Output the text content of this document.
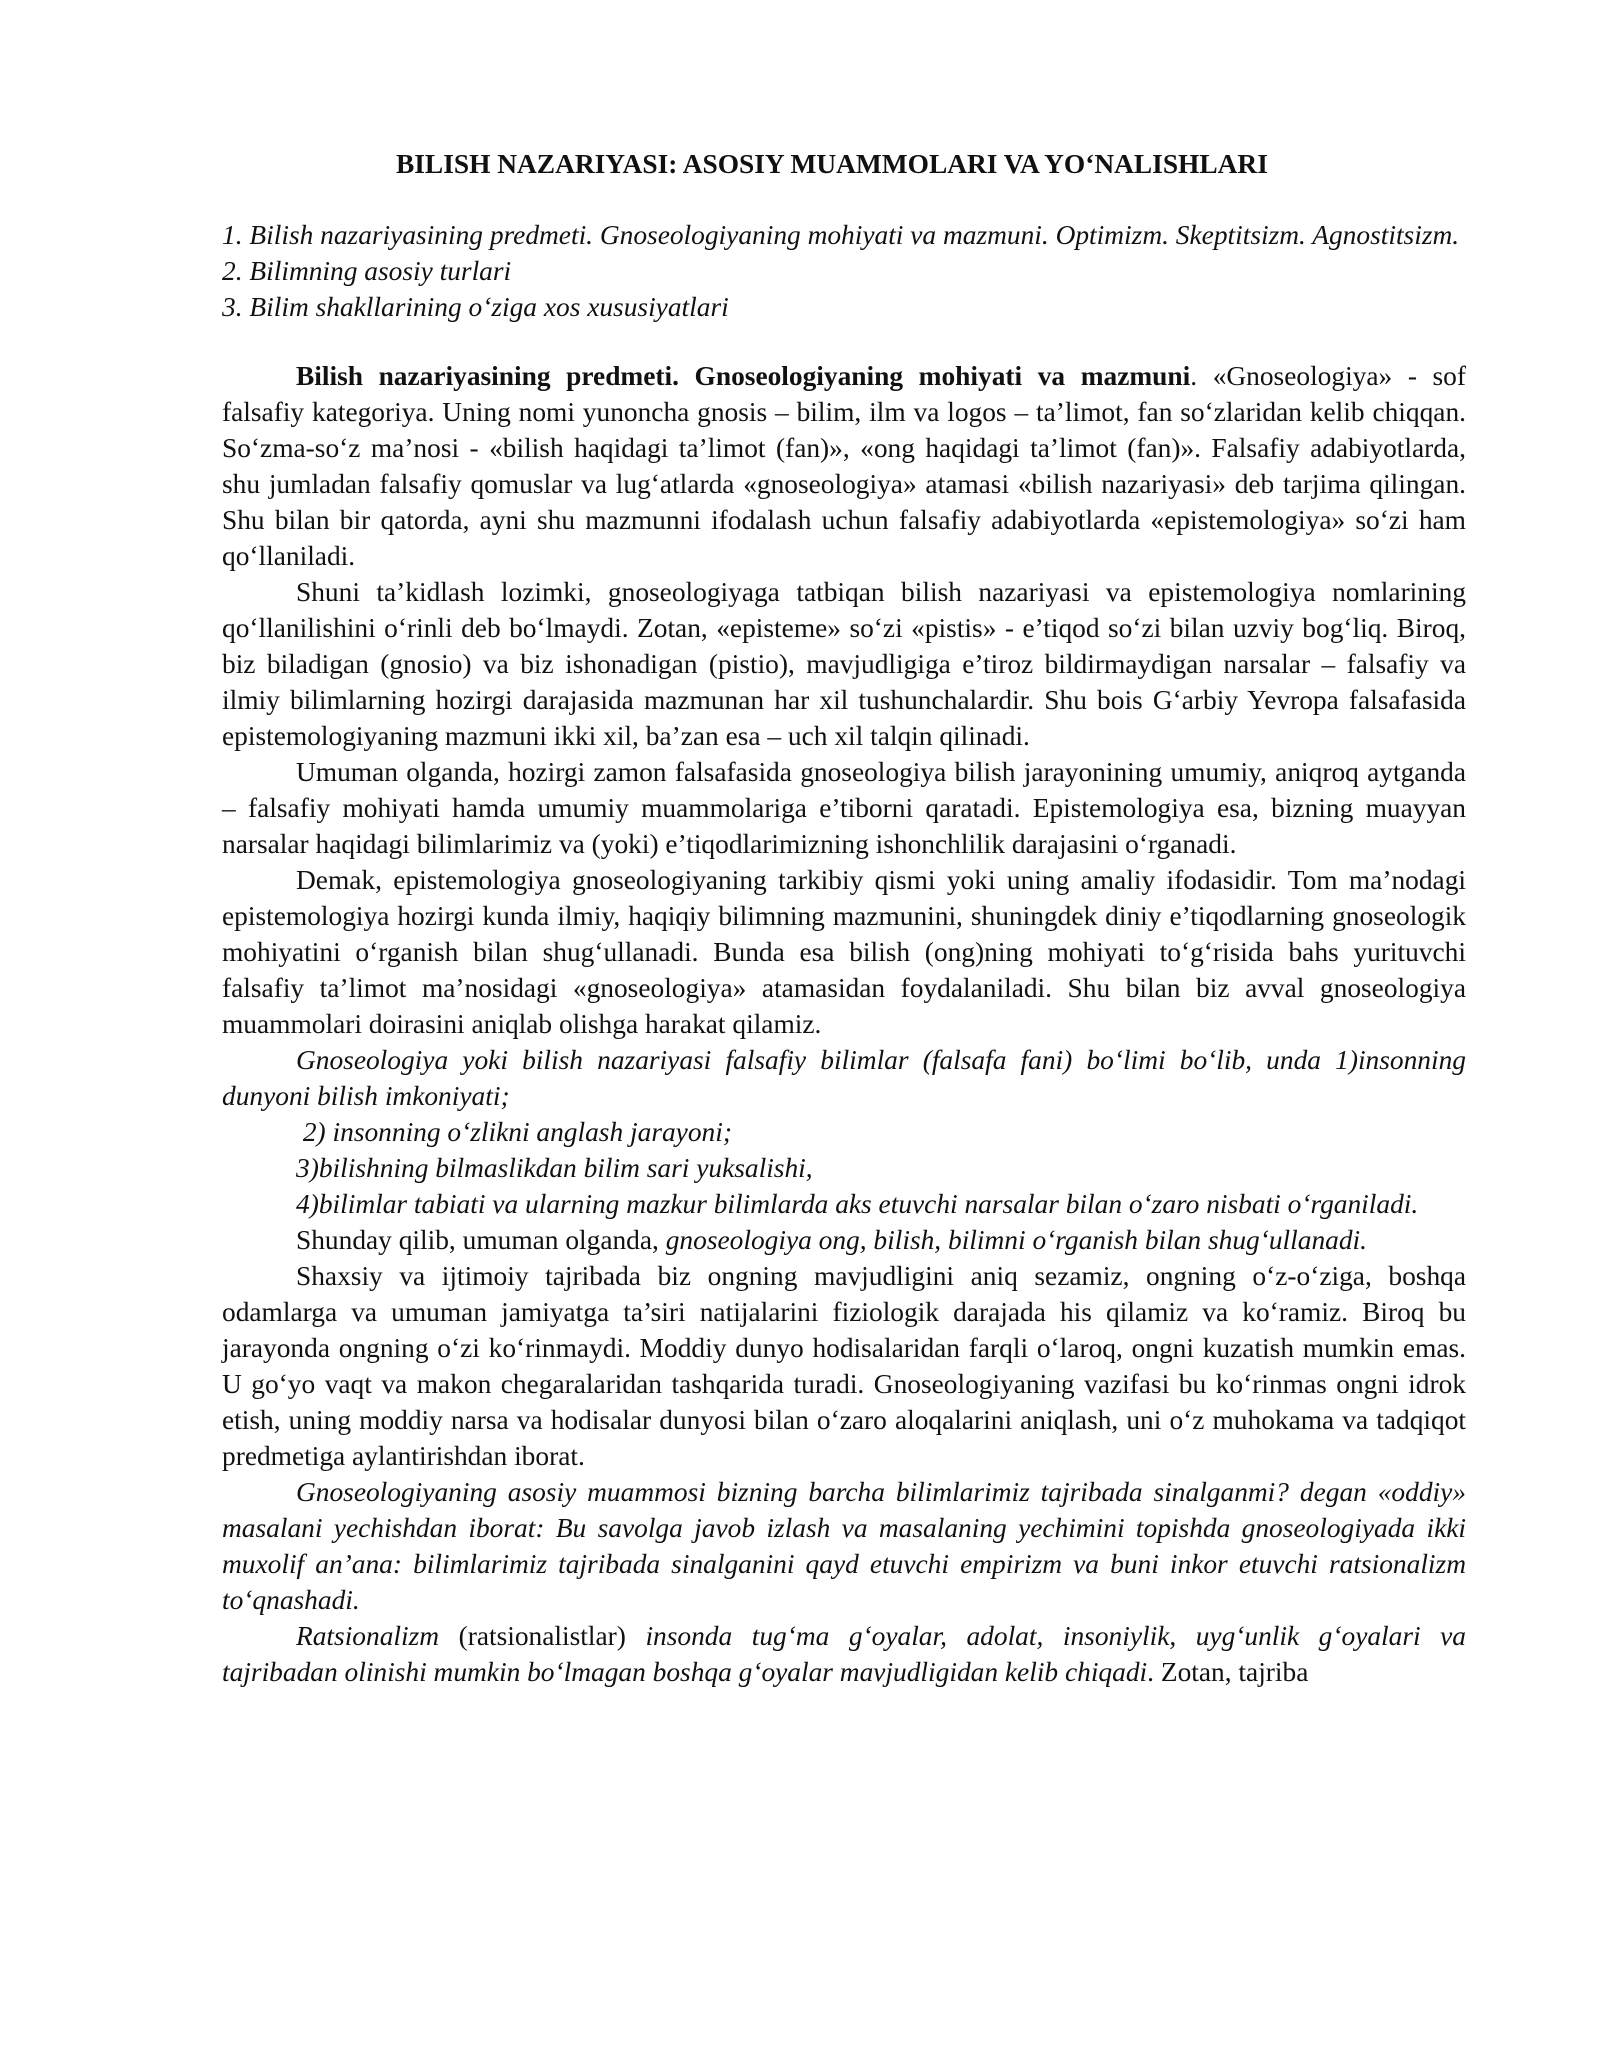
BILISH NAZARIYASI: ASOSIY MUAMMOLARI VA YO‘NALISHLARI
1. Bilish nazariyasining predmeti. Gnoseologiyaning mohiyati va mazmuni. Optimizm. Skeptitsizm. Agnostitsizm.
2. Bilimning asosiy turlari
3. Bilim shakllarining o‘ziga xos xususiyatlari

Bilish nazariyasining predmeti. Gnoseologiyaning mohiyati va mazmuni. «Gnoseologiya» - sof falsafiy kategoriya. Uning nomi yunoncha gnosis – bilim, ilm va logos – ta’limot, fan so‘zlaridan kelib chiqqan. So‘zma-so‘z ma’nosi - «bilish haqidagi ta’limot (fan)», «ong haqidagi ta’limot (fan)». Falsafiy adabiyotlarda, shu jumladan falsafiy qomuslar va lug‘atlarda «gnoseologiya» atamasi «bilish nazariyasi» deb tarjima qilingan. Shu bilan bir qatorda, ayni shu mazmunni ifodalash uchun falsafiy adabiyotlarda «epistemologiya» so‘zi ham qo‘llaniladi.

Shuni ta’kidlash lozimki, gnoseologiyaga tatbiqan bilish nazariyasi va epistemologiya nomlarining qo‘llanilishini o‘rinli deb bo‘lmaydi. Zotan, «episteme» so‘zi «pistis» - e’tiqod so‘zi bilan uzviy bog‘liq. Biroq, biz biladigan (gnosio) va biz ishonadigan (pistio), mavjudligiga e’tiroz bildirmaydigan narsalar – falsafiy va ilmiy bilimlarning hozirgi darajasida mazmunan har xil tushunchalardir. Shu bois G‘arbiy Yevropa falsafasida epistemologiyaning mazmuni ikki xil, ba’zan esa – uch xil talqin qilinadi.

Umuman olganda, hozirgi zamon falsafasida gnoseologiya bilish jarayonining umumiy, aniqroq aytganda – falsafiy mohiyati hamda umumiy muammolariga e’tiborni qaratadi. Epistemologiya esa, bizning muayyan narsalar haqidagi bilimlarimiz va (yoki) e’tiqodlarimizning ishonchlilik darajasini o‘rganadi.

Demak, epistemologiya gnoseologiyaning tarkibiy qismi yoki uning amaliy ifodasidir. Tom ma’nodagi epistemologiya hozirgi kunda ilmiy, haqiqiy bilimning mazmunini, shuningdek diniy e’tiqodlarning gnoseologik mohiyatini o‘rganish bilan shug‘ullanadi. Bunda esa bilish (ong)ning mohiyati to‘g‘risida bahs yurituvchi falsafiy ta’limot ma’nosidagi «gnoseologiya» atamasidan foydalaniladi. Shu bilan biz avval gnoseologiya muammolari doirasini aniqlab olishga harakat qilamiz.

Gnoseologiya yoki bilish nazariyasi falsafiy bilimlar (falsafa fani) bo‘limi bo‘lib, unda 1)insonning dunyoni bilish imkoniyati;

2) insonning o‘zlikni anglash jarayoni;

3)bilishning bilmaslikdan bilim sari yuksalishi,

4)bilimlar tabiati va ularning mazkur bilimlarda aks etuvchi narsalar bilan o‘zaro nisbati o‘rganiladi.

Shunday qilib, umuman olganda, gnoseologiya ong, bilish, bilimni o‘rganish bilan shug‘ullanadi.

Shaxsiy va ijtimoiy tajribada biz ongning mavjudligini aniq sezamiz, ongning o‘z-o‘ziga, boshqa odamlarga va umuman jamiyatga ta’siri natijalarini fiziologik darajada his qilamiz va ko‘ramiz. Biroq bu jarayonda ongning o‘zi ko‘rinmaydi. Moddiy dunyo hodisalaridan farqli o‘laroq, ongni kuzatish mumkin emas. U go‘yo vaqt va makon chegaralaridan tashqarida turadi. Gnoseologiyaning vazifasi bu ko‘rinmas ongni idrok etish, uning moddiy narsa va hodisalar dunyosi bilan o‘zaro aloqalarini aniqlash, uni o‘z muhokama va tadqiqot predmetiga aylantirishdan iborat.

Gnoseologiyaning asosiy muammosi bizning barcha bilimlarimiz tajribada sinalganmi? degan «oddiy» masalani yechishdan iborat: Bu savolga javob izlash va masalaning yechimini topishda gnoseologiyada ikki muxolif an’ana: bilimlarimiz tajribada sinalganini qayd etuvchi empirizm va buni inkor etuvchi ratsionalizm to‘qnashadi.

Ratsionalizm (ratsionalistlar) insonda tug‘ma g‘oyalar, adolat, insoniylik, uyg‘unlik g‘oyalari va tajribadan olinishi mumkin bo‘lmagan boshqa g‘oyalar mavjudligidan kelib chiqadi. Zotan, tajriba
